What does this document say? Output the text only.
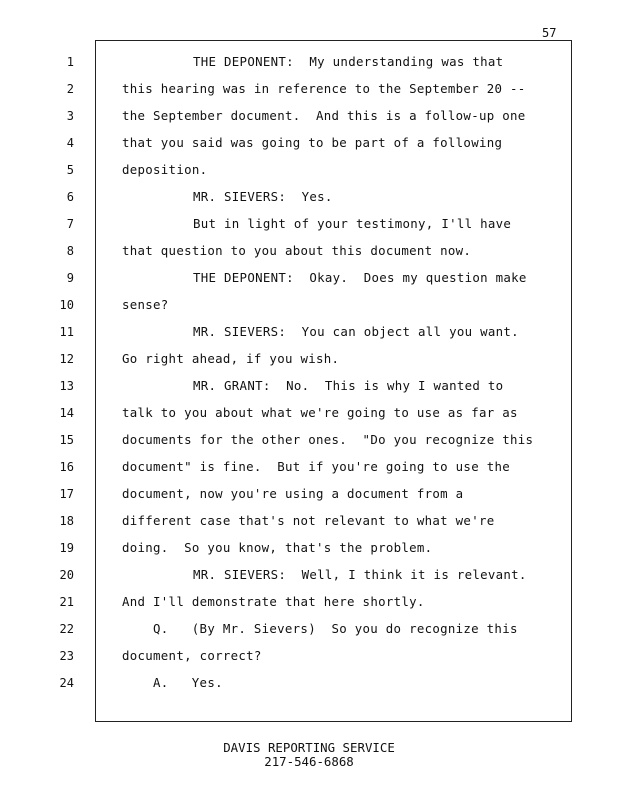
57
1	THE DEPONENT:  My understanding was that
2	this hearing was in reference to the September 20 --
3	the September document.  And this is a follow-up one
4	that you said was going to be part of a following
5	deposition.
6	MR. SIEVERS:  Yes.
7	But in light of your testimony, I'll have
8	that question to you about this document now.
9	THE DEPONENT:  Okay.  Does my question make
10	sense?
11	MR. SIEVERS:  You can object all you want.
12	Go right ahead, if you wish.
13	MR. GRANT:  No.  This is why I wanted to
14	talk to you about what we're going to use as far as
15	documents for the other ones.  "Do you recognize this
16	document" is fine.  But if you're going to use the
17	document, now you're using a document from a
18	different case that's not relevant to what we're
19	doing.  So you know, that's the problem.
20	MR. SIEVERS:  Well, I think it is relevant.
21	And I'll demonstrate that here shortly.
22	Q.   (By Mr. Sievers)  So you do recognize this
23	document, correct?
24	A.   Yes.
DAVIS REPORTING SERVICE
217-546-6868
